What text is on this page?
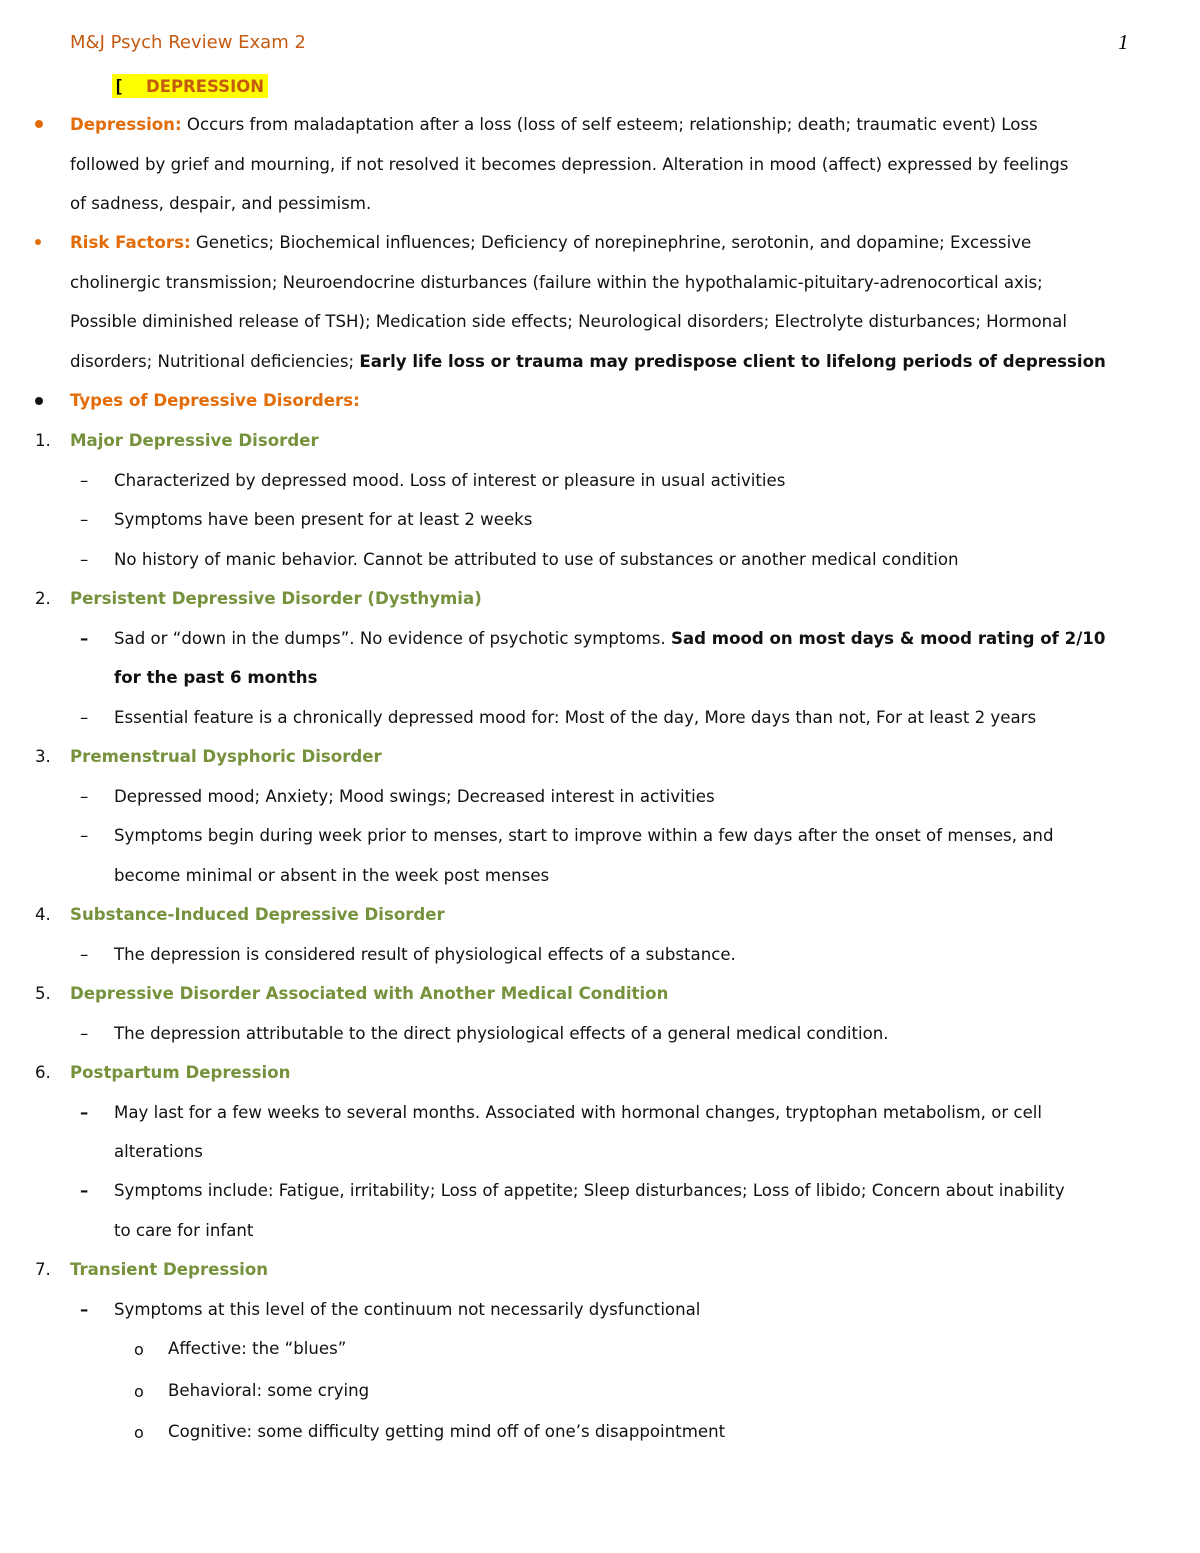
M&J Psych Review Exam 2	1
[	DEPRESSION
Depression: Occurs from maladaptation after a loss (loss of self esteem; relationship; death; traumatic event) Loss
followed by grief and mourning, if not resolved it becomes depression. Alteration in mood (affect) expressed by feelings
of sadness, despair, and pessimism.
Risk Factors: Genetics; Biochemical influences; Deficiency of norepinephrine, serotonin, and dopamine; Excessive
cholinergic transmission; Neuroendocrine disturbances (failure within the hypothalamic-pituitary-adrenocortical axis;
Possible diminished release of TSH); Medication side effects; Neurological disorders; Electrolyte disturbances; Hormonal
disorders; Nutritional deficiencies; Early life loss or trauma may predispose client to lifelong periods of depression
Types of Depressive Disorders:
1. Major Depressive Disorder
– Characterized by depressed mood. Loss of interest or pleasure in usual activities
– Symptoms have been present for at least 2 weeks
– No history of manic behavior. Cannot be attributed to use of substances or another medical condition
2. Persistent Depressive Disorder (Dysthymia)
– Sad or “down in the dumps”. No evidence of psychotic symptoms. Sad mood on most days & mood rating of 2/10
for the past 6 months
– Essential feature is a chronically depressed mood for: Most of the day, More days than not, For at least 2 years
3. Premenstrual Dysphoric Disorder
– Depressed mood; Anxiety; Mood swings; Decreased interest in activities
– Symptoms begin during week prior to menses, start to improve within a few days after the onset of menses, and
become minimal or absent in the week post menses
4. Substance-Induced Depressive Disorder
– The depression is considered result of physiological effects of a substance.
5. Depressive Disorder Associated with Another Medical Condition
– The depression attributable to the direct physiological effects of a general medical condition.
6. Postpartum Depression
– May last for a few weeks to several months. Associated with hormonal changes, tryptophan metabolism, or cell
alterations
– Symptoms include: Fatigue, irritability; Loss of appetite; Sleep disturbances; Loss of libido; Concern about inability
to care for infant
7. Transient Depression
– Symptoms at this level of the continuum not necessarily dysfunctional
o Affective: the “blues”
o Behavioral: some crying
o Cognitive: some difficulty getting mind off of one’s disappointment
